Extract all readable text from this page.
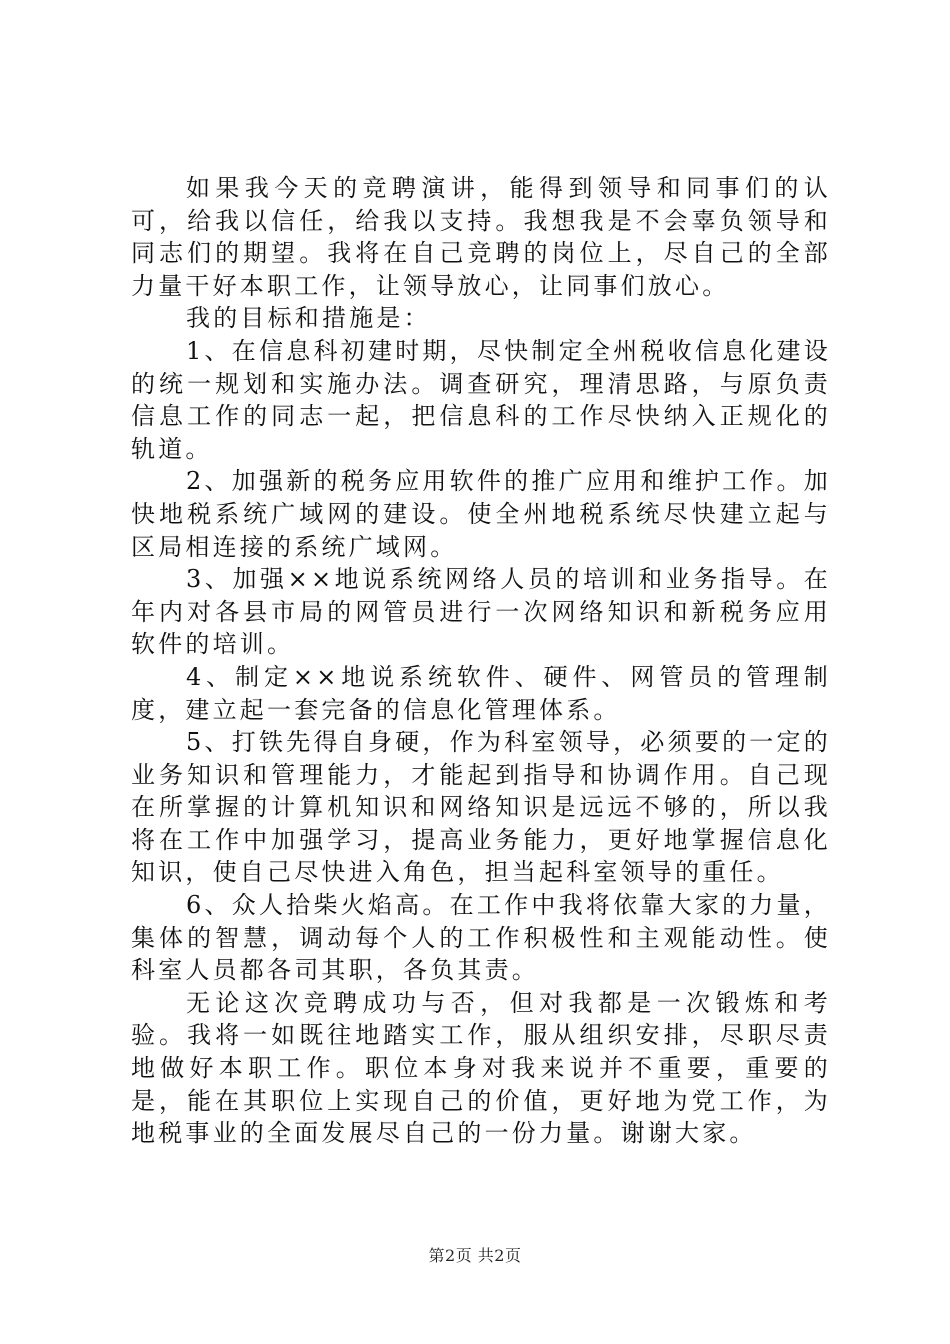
如果我今天的竞聘演讲，能得到领导和同事们的认可，给我以信任，给我以支持。我想我是不会辜负领导和同志们的期望。我将在自己竞聘的岗位上，尽自己的全部力量干好本职工作，让领导放心，让同事们放心。

我的目标和措施是：

1、在信息科初建时期，尽快制定全州税收信息化建设的统一规划和实施办法。调查研究，理清思路，与原负责信息工作的同志一起，把信息科的工作尽快纳入正规化的轨道。

2、加强新的税务应用软件的推广应用和维护工作。加快地税系统广域网的建设。使全州地税系统尽快建立起与区局相连接的系统广域网。

3、加强××地说系统网络人员的培训和业务指导。在年内对各县市局的网管员进行一次网络知识和新税务应用软件的培训。

4、制定××地说系统软件、硬件、网管员的管理制度，建立起一套完备的信息化管理体系。

5、打铁先得自身硬，作为科室领导，必须要的一定的业务知识和管理能力，才能起到指导和协调作用。自己现在所掌握的计算机知识和网络知识是远远不够的，所以我将在工作中加强学习，提高业务能力，更好地掌握信息化知识，使自己尽快进入角色，担当起科室领导的重任。

6、众人拾柴火焰高。在工作中我将依靠大家的力量，集体的智慧，调动每个人的工作积极性和主观能动性。使科室人员都各司其职，各负其责。

无论这次竞聘成功与否，但对我都是一次锻炼和考验。我将一如既往地踏实工作，服从组织安排，尽职尽责地做好本职工作。职位本身对我来说并不重要，重要的是，能在其职位上实现自己的价值，更好地为党工作，为地税事业的全面发展尽自己的一份力量。谢谢大家。

第2页 共2页
